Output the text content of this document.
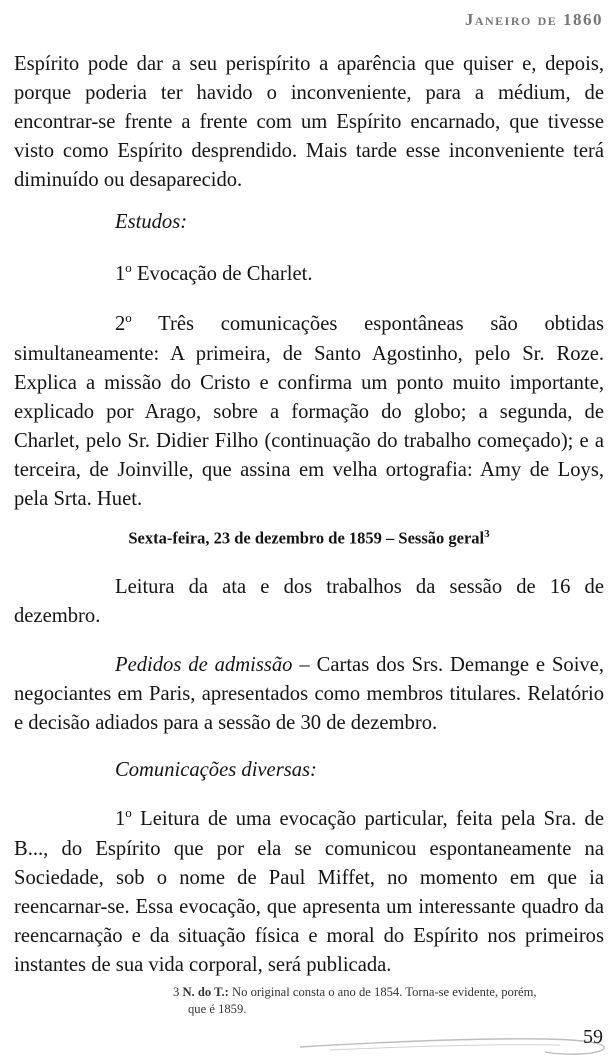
Janeiro de 1860

Espírito pode dar a seu perispírito a aparência que quiser e, depois, porque poderia ter havido o inconveniente, para a médium, de encontrar-se frente a frente com um Espírito encarnado, que tivesse visto como Espírito desprendido. Mais tarde esse inconveniente terá diminuído ou desaparecido.

Estudos:

1$^o$ Evocação de Charlet.

2$^o$ Três comunicações espontâneas são obtidas simultaneamente: A primeira, de Santo Agostinho, pelo Sr. Roze. Explica a missão do Cristo e confirma um ponto muito importante, explicado por Arago, sobre a formação do globo; a segunda, de Charlet, pelo Sr. Didier Filho (continuação do trabalho começado); e a terceira, de Joinville, que assina em velha ortografia: Amy de Loys, pela Srta. Huet.

Sexta-feira, 23 de dezembro de 1859 – Sessão geral$^3$

Leitura da ata e dos trabalhos da sessão de 16 de dezembro.

Pedidos de admissão – Cartas dos Srs. Demange e Soive, negociantes em Paris, apresentados como membros titulares. Relatório e decisão adiados para a sessão de 30 de dezembro.

Comunicações diversas:

1$^o$ Leitura de uma evocação particular, feita pela Sra. de B..., do Espírito que por ela se comunicou espontaneamente na Sociedade, sob o nome de Paul Miffet, no momento em que ia reencarnar-se. Essa evocação, que apresenta um interessante quadro da reencarnação e da situação física e moral do Espírito nos primeiros instantes de sua vida corporal, será publicada.

3 N. do T.: No original consta o ano de 1854. Torna-se evidente, porém,
que é 1859.
59
